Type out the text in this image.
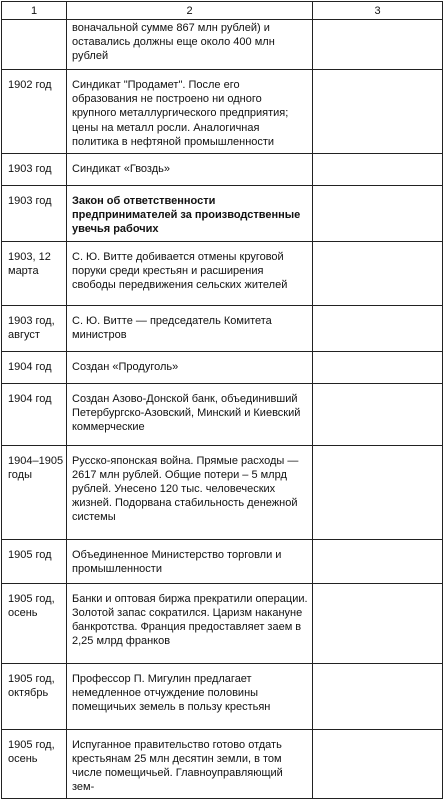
1	2	3
	воначальной сумме 867 млн рублей) и оставались должны еще около 400 млн рублей	
1902 год	Синдикат "Продамет". После его образования не построено ни одного крупного металлургического предприятия; цены на металл росли. Аналогичная политика в нефтяной промышленности	
1903 год	Синдикат «Гвоздь»	
1903 год	Закон об ответственности предпринимателей за производственные увечья рабочих	
1903, 12 марта	С. Ю. Витте добивается отмены круговой поруки среди крестьян и расширения свободы передвижения сельских жителей	
1903 год, август	С. Ю. Витте — председатель Комитета министров	
1904 год	Создан «Продуголь»	
1904 год	Создан Азово-Донской банк, объединивший Петербургско-Азовский, Минский и Киевский коммерческие	
1904–1905 годы	Русско-японская война. Прямые расходы — 2617 млн рублей. Общие потери – 5 млрд рублей. Унесено 120 тыс. человеческих жизней. Подорвана стабильность денежной системы	
1905 год	Объединенное Министерство торговли и промышленности	
1905 год, осень	Банки и оптовая биржа прекратили операции. Золотой запас сократился. Царизм накануне банкротства. Франция предоставляет заем в 2,25 млрд франков	
1905 год, октябрь	Профессор П. Мигулин предлагает немедленное отчуждение половины помещичьих земель в пользу крестьян	
1905 год, осень	Испуганное правительство готово отдать крестьянам 25 млн десятин земли, в том числе помещичьей. Главноуправляющий зем-	
